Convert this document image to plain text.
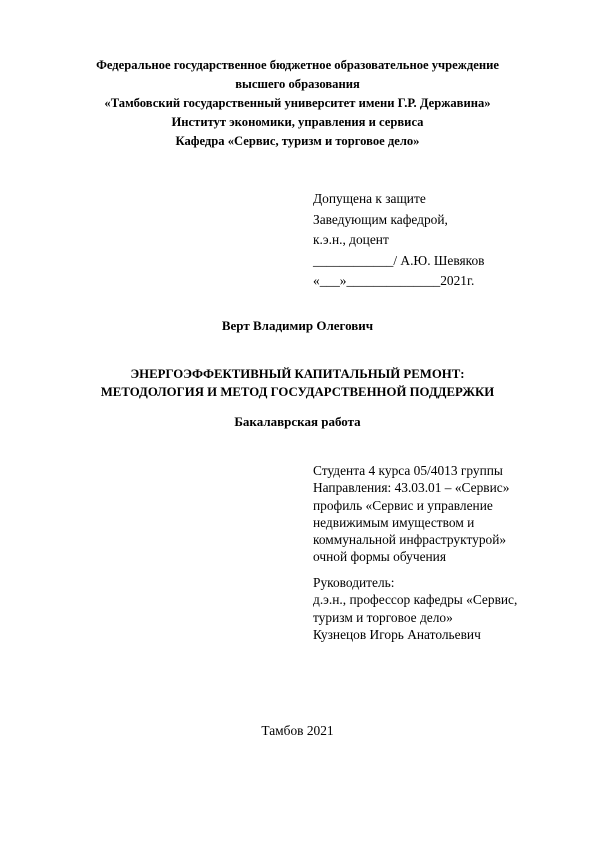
Федеральное государственное бюджетное образовательное учреждение
высшего образования
«Тамбовский государственный университет имени Г.Р. Державина»
Институт экономики, управления и сервиса
Кафедра «Сервис, туризм и торговое дело»
Допущена к защите
Заведующим кафедрой,
к.э.н., доцент
____________/ А.Ю. Шевяков
«___»______________2021г.
Верт Владимир Олегович
ЭНЕРГОЭФФЕКТИВНЫЙ КАПИТАЛЬНЫЙ РЕМОНТ:
МЕТОДОЛОГИЯ И МЕТОД ГОСУДАРСТВЕННОЙ ПОДДЕРЖКИ
Бакалаврская работа
Студента 4 курса 05/4013 группы
Направления: 43.03.01 – «Сервис»
профиль «Сервис и управление
недвижимым имуществом и
коммунальной инфраструктурой»
очной формы обучения
Руководитель:
д.э.н., профессор кафедры «Сервис,
туризм и торговое дело»
Кузнецов Игорь Анатольевич
Тамбов 2021
